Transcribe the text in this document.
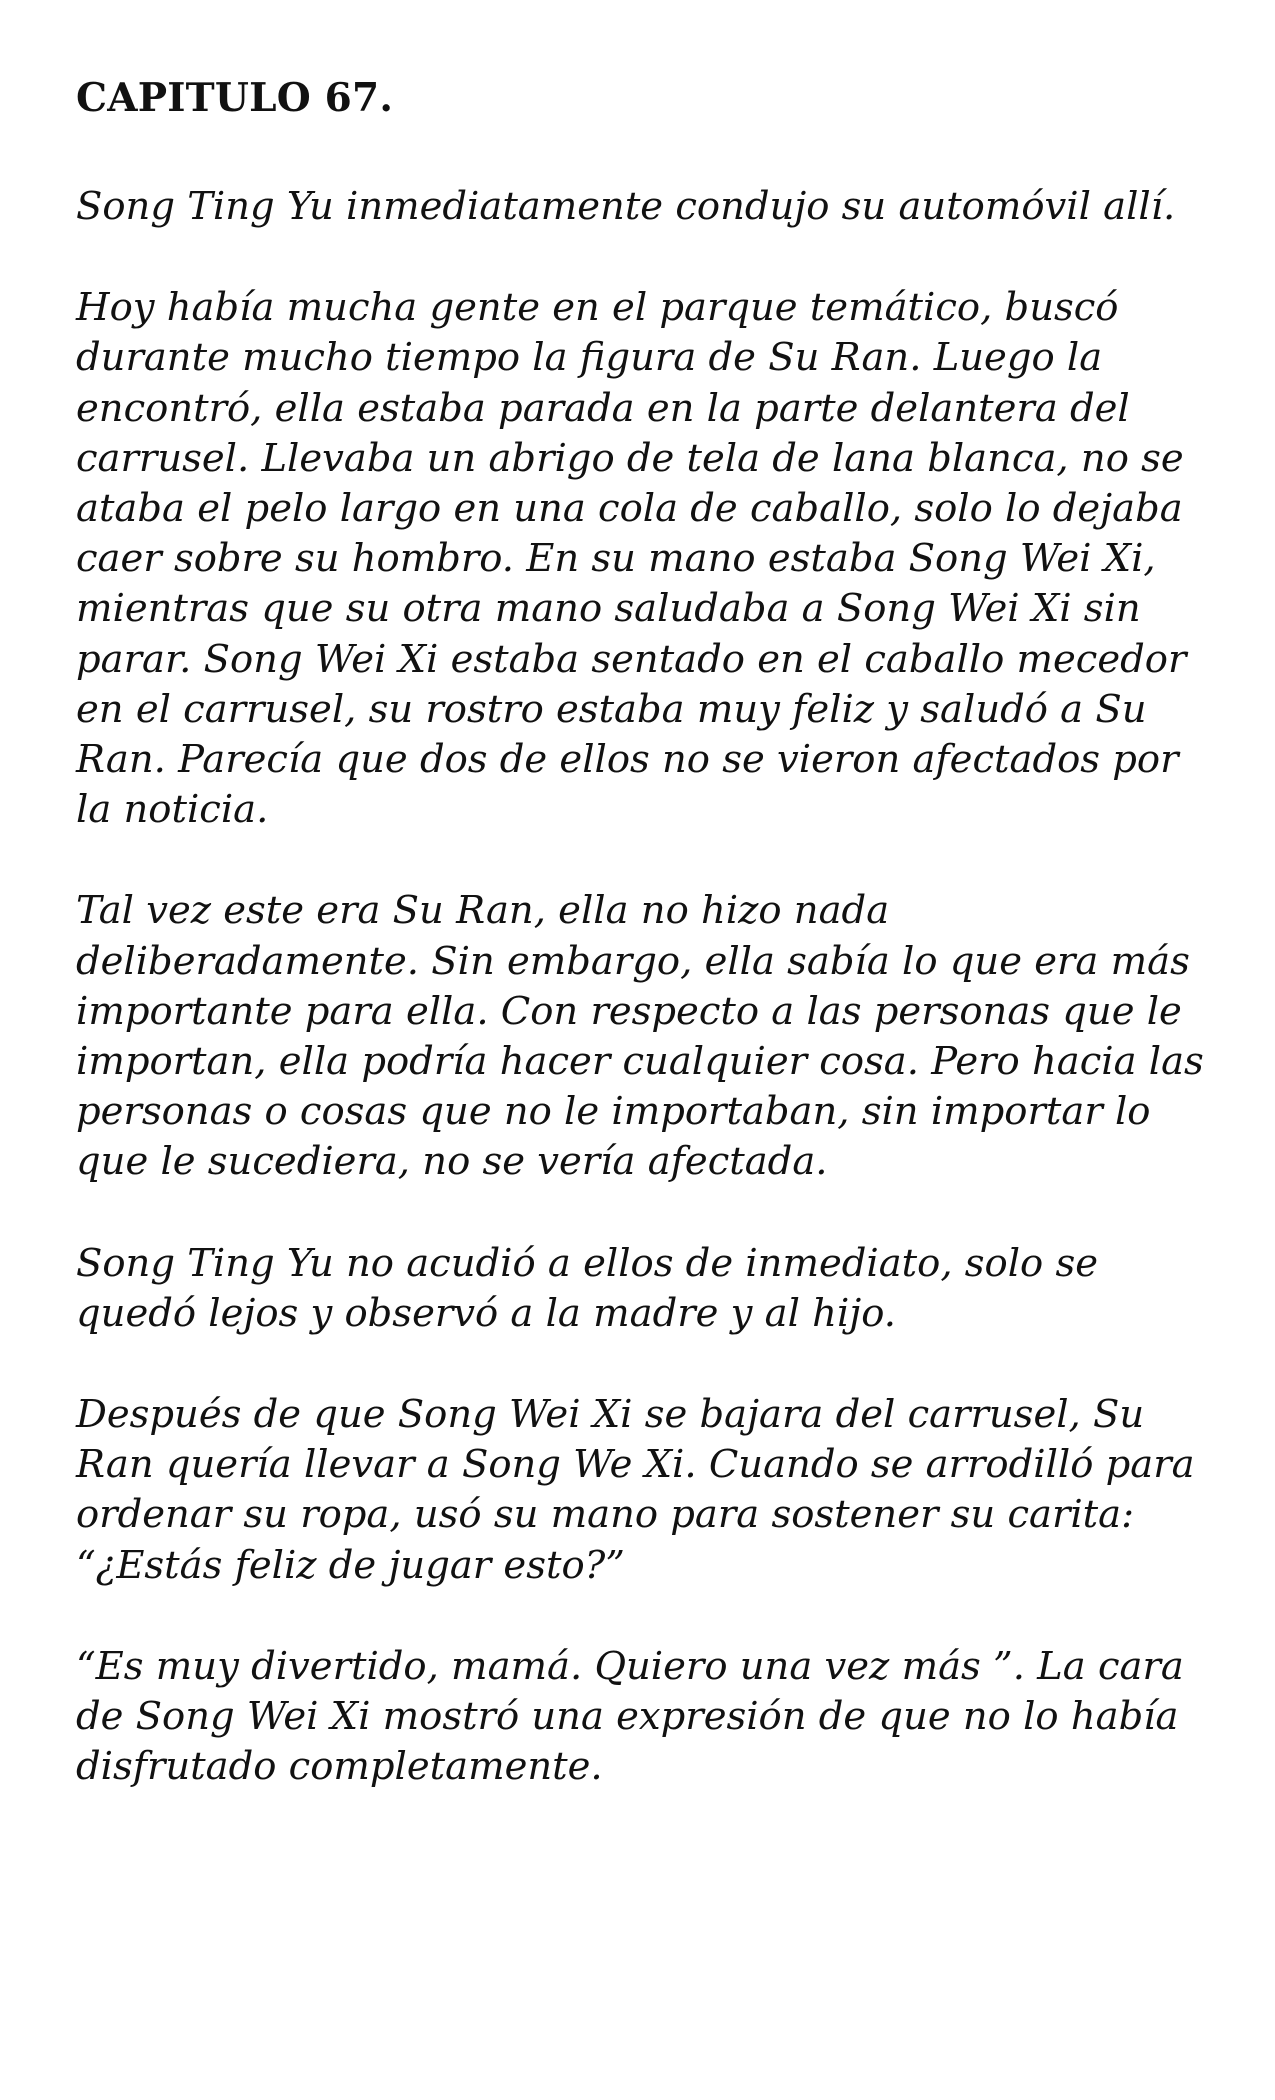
CAPITULO 67.

Song Ting Yu inmediatamente condujo su automóvil allí.

Hoy había mucha gente en el parque temático, buscó durante mucho tiempo la figura de Su Ran. Luego la encontró, ella estaba parada en la parte delantera del carrusel. Llevaba un abrigo de tela de lana blanca, no se ataba el pelo largo en una cola de caballo, solo lo dejaba caer sobre su hombro. En su mano estaba Song Wei Xi, mientras que su otra mano saludaba a Song Wei Xi sin parar. Song Wei Xi estaba sentado en el caballo mecedor en el carrusel, su rostro estaba muy feliz y saludó a Su Ran. Parecía que dos de ellos no se vieron afectados por la noticia.

Tal vez este era Su Ran, ella no hizo nada deliberadamente. Sin embargo, ella sabía lo que era más importante para ella. Con respecto a las personas que le importan, ella podría hacer cualquier cosa. Pero hacia las personas o cosas que no le importaban, sin importar lo que le sucediera, no se vería afectada.

Song Ting Yu no acudió a ellos de inmediato, solo se quedó lejos y observó a la madre y al hijo.

Después de que Song Wei Xi se bajara del carrusel, Su Ran quería llevar a Song We Xi. Cuando se arrodilló para ordenar su ropa, usó su mano para sostener su carita: “¿Estás feliz de jugar esto?”

“Es muy divertido, mamá. Quiero una vez más ”. La cara de Song Wei Xi mostró una expresión de que no lo había disfrutado completamente.
